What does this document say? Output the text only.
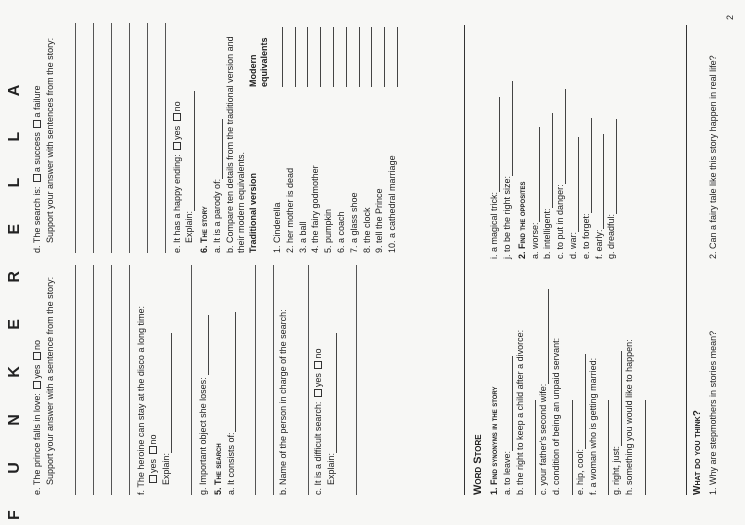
F U N K E R E L L A e. The prince falls in love: yes no Support your answer with a sentence from the story:
f. The heroine can stay at the disco a long time: yes no
Explain:
g. Important object she loses:
5. The search
a. It consists of:
b. Name of the person in charge of the search:
c. It is a difficult search: yes no
Explain:
d. The search is: a success a failure Support your answer with sentences from the story:
e. It has a happy ending: yes no
Explain:
6. The story
a. It is a parody of:
b. Compare ten details from the traditional version and their modern equivalents. Traditional version
Modern equivalents
1. Cinderella
2. her mother is dead
3. a ball
4. the fairy godmother
5. pumpkin
6. a coach
7. a glass shoe
8. the clock
9. tell the Prince
10. a cathedral marriage
Word Store 1. Find synonyms in the story
a. to leave:
b. the right to keep a child after a divorce:
c. your father's second wife:
d. condition of being an unpaid servant:
e. hip, cool:
f. a woman who is getting married:
g. right, just:
h. something you would like to happen:
i. a magical trick:
j. to be the right size:
2. Find the opposites
a. worse:
b. intelligent:
c. to put in danger:
d. war:
e. to forget:
f. early:
g. dreadful:
What do you think? 1. Why are stepmothers in stories mean?
2. Can a fairy tale like this story happen in real life?
2
